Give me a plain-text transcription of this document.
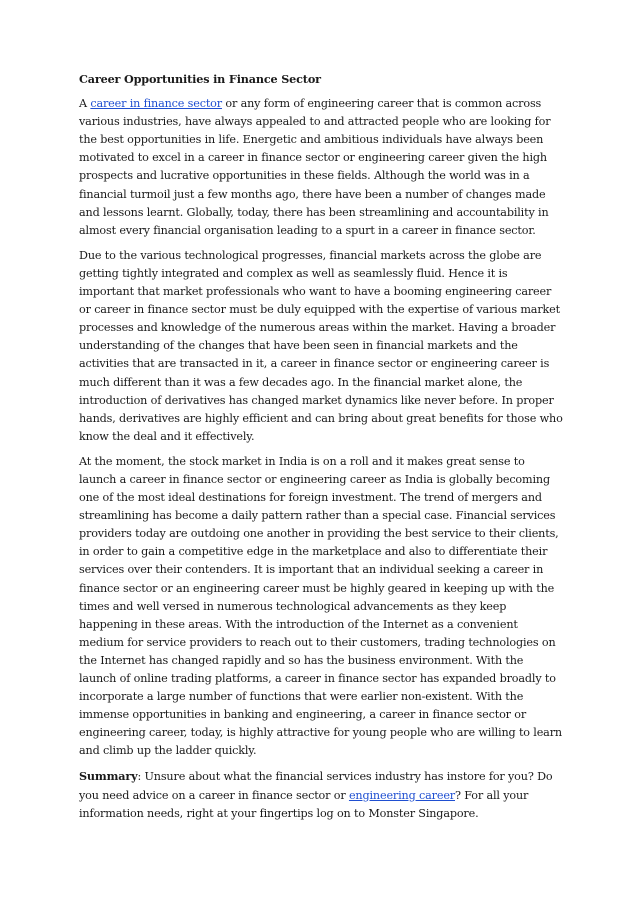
Career Opportunities in Finance Sector

A career in finance sector or any form of engineering career that is common across various industries, have always appealed to and attracted people who are looking for the best opportunities in life. Energetic and ambitious individuals have always been motivated to excel in a career in finance sector or engineering career given the high prospects and lucrative opportunities in these fields. Although the world was in a financial turmoil just a few months ago, there have been a number of changes made and lessons learnt. Globally, today, there has been streamlining and accountability in almost every financial organisation leading to a spurt in a career in finance sector.

Due to the various technological progresses, financial markets across the globe are getting tightly integrated and complex as well as seamlessly fluid. Hence it is important that market professionals who want to have a booming engineering career or career in finance sector must be duly equipped with the expertise of various market processes and knowledge of the numerous areas within the market. Having a broader understanding of the changes that have been seen in financial markets and the activities that are transacted in it, a career in finance sector or engineering career is much different than it was a few decades ago. In the financial market alone, the introduction of derivatives has changed market dynamics like never before. In proper hands, derivatives are highly efficient and can bring about great benefits for those who know the deal and it effectively.

At the moment, the stock market in India is on a roll and it makes great sense to launch a career in finance sector or engineering career as India is globally becoming one of the most ideal destinations for foreign investment. The trend of mergers and streamlining has become a daily pattern rather than a special case. Financial services providers today are outdoing one another in providing the best service to their clients, in order to gain a competitive edge in the marketplace and also to differentiate their services over their contenders. It is important that an individual seeking a career in finance sector or an engineering career must be highly geared in keeping up with the times and well versed in numerous technological advancements as they keep happening in these areas. With the introduction of the Internet as a convenient medium for service providers to reach out to their customers, trading technologies on the Internet has changed rapidly and so has the business environment. With the launch of online trading platforms, a career in finance sector has expanded broadly to incorporate a large number of functions that were earlier non-existent. With the immense opportunities in banking and engineering, a career in finance sector or engineering career, today, is highly attractive for young people who are willing to learn and climb up the ladder quickly.

Summary: Unsure about what the financial services industry has instore for you? Do you need advice on a career in finance sector or engineering career? For all your information needs, right at your fingertips log on to Monster Singapore.
